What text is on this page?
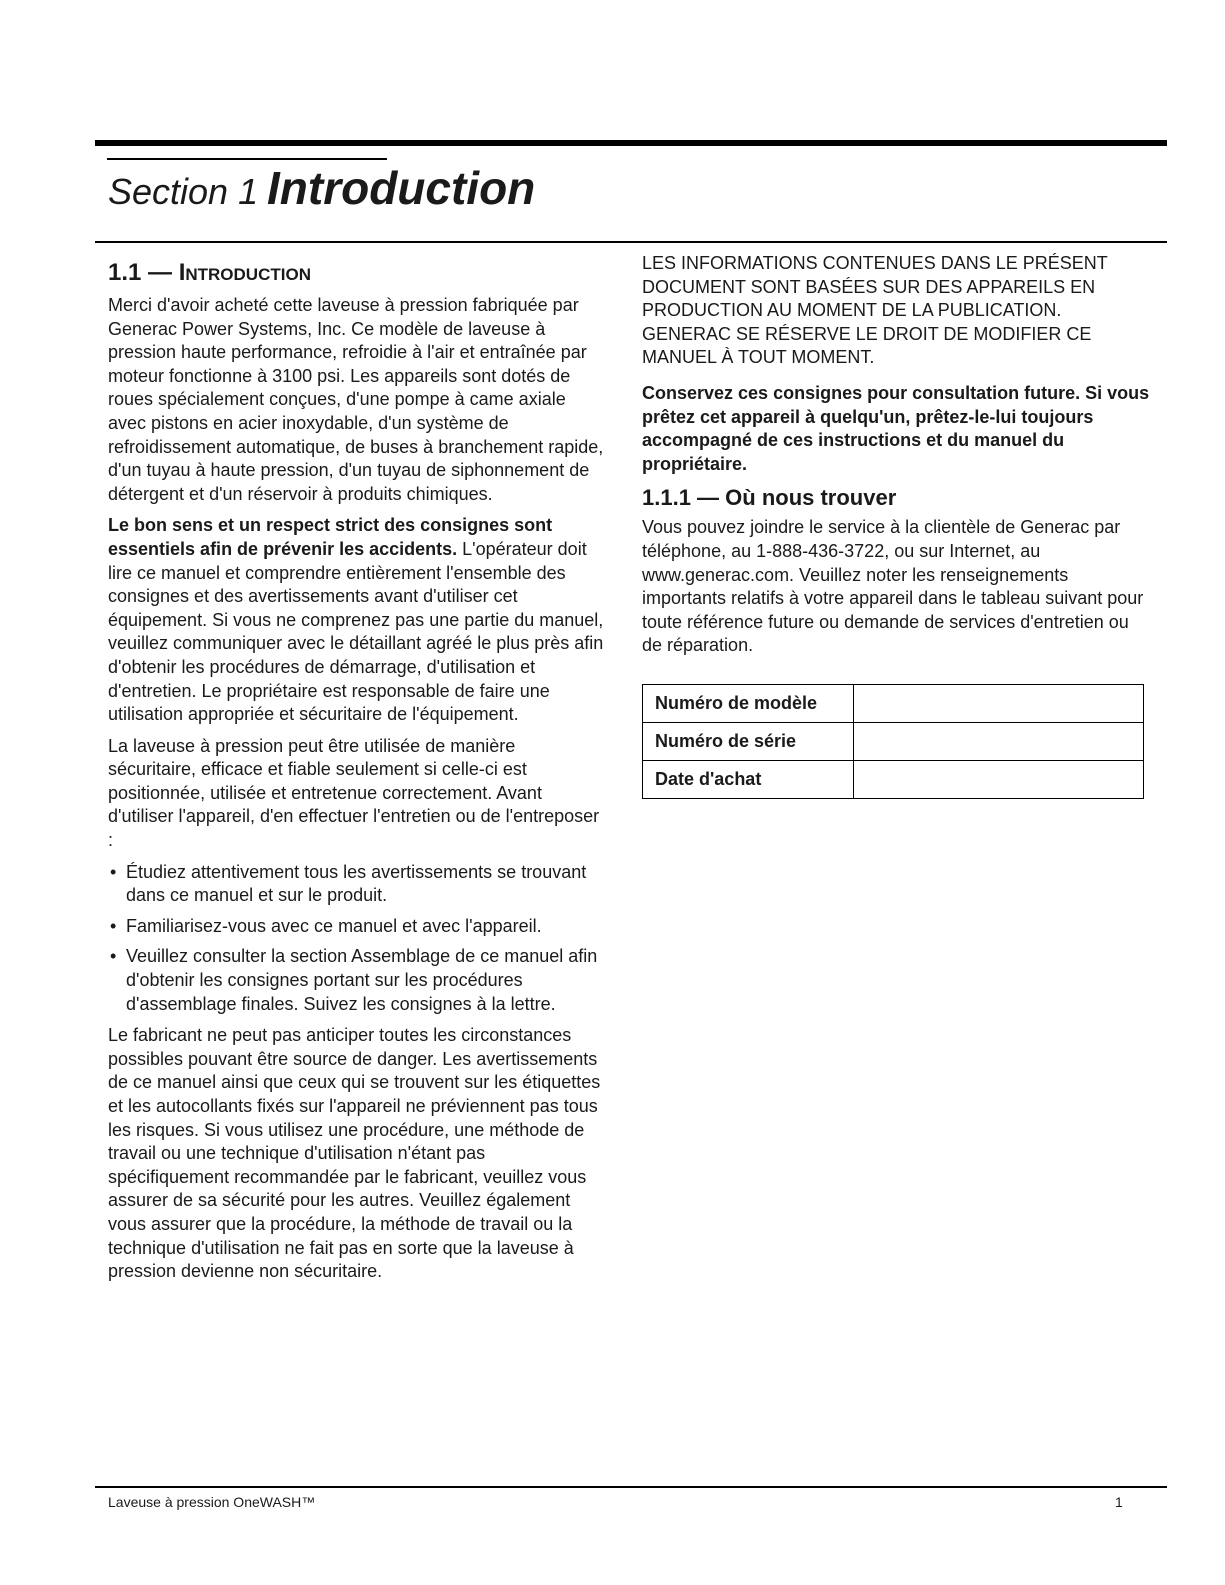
Section 1 Introduction
1.1 — Introduction

Merci d'avoir acheté cette laveuse à pression fabriquée par Generac Power Systems, Inc. Ce modèle de laveuse à pression haute performance, refroidie à l'air et entraînée par moteur fonctionne à 3100 psi. Les appareils sont dotés de roues spécialement conçues, d'une pompe à came axiale avec pistons en acier inoxydable, d'un système de refroidissement automatique, de buses à branchement rapide, d'un tuyau à haute pression, d'un tuyau de siphonnement de détergent et d'un réservoir à produits chimiques.

Le bon sens et un respect strict des consignes sont essentiels afin de prévenir les accidents. L'opérateur doit lire ce manuel et comprendre entièrement l'ensemble des consignes et des avertissements avant d'utiliser cet équipement. Si vous ne comprenez pas une partie du manuel, veuillez communiquer avec le détaillant agréé le plus près afin d'obtenir les procédures de démarrage, d'utilisation et d'entretien. Le propriétaire est responsable de faire une utilisation appropriée et sécuritaire de l'équipement.

La laveuse à pression peut être utilisée de manière sécuritaire, efficace et fiable seulement si celle-ci est positionnée, utilisée et entretenue correctement. Avant d'utiliser l'appareil, d'en effectuer l'entretien ou de l'entreposer :

• Étudiez attentivement tous les avertissements se trouvant dans ce manuel et sur le produit.
• Familiarisez-vous avec ce manuel et avec l'appareil.
• Veuillez consulter la section Assemblage de ce manuel afin d'obtenir les consignes portant sur les procédures d'assemblage finales. Suivez les consignes à la lettre.

Le fabricant ne peut pas anticiper toutes les circonstances possibles pouvant être source de danger. Les avertissements de ce manuel ainsi que ceux qui se trouvent sur les étiquettes et les autocollants fixés sur l'appareil ne préviennent pas tous les risques. Si vous utilisez une procédure, une méthode de travail ou une technique d'utilisation n'étant pas spécifiquement recommandée par le fabricant, veuillez vous assurer de sa sécurité pour les autres. Veuillez également vous assurer que la procédure, la méthode de travail ou la technique d'utilisation ne fait pas en sorte que la laveuse à pression devienne non sécuritaire.

LES INFORMATIONS CONTENUES DANS LE PRÉSENT DOCUMENT SONT BASÉES SUR DES APPAREILS EN PRODUCTION AU MOMENT DE LA PUBLICATION. GENERAC SE RÉSERVE LE DROIT DE MODIFIER CE MANUEL À TOUT MOMENT.

Conservez ces consignes pour consultation future. Si vous prêtez cet appareil à quelqu'un, prêtez-le-lui toujours accompagné de ces instructions et du manuel du propriétaire.

1.1.1 — Où nous trouver

Vous pouvez joindre le service à la clientèle de Generac par téléphone, au 1-888-436-3722, ou sur Internet, au www.generac.com. Veuillez noter les renseignements importants relatifs à votre appareil dans le tableau suivant pour toute référence future ou demande de services d'entretien ou de réparation.

Numéro de modèle	
Numéro de série	
Date d'achat	
Laveuse à pression OneWASH™	1
